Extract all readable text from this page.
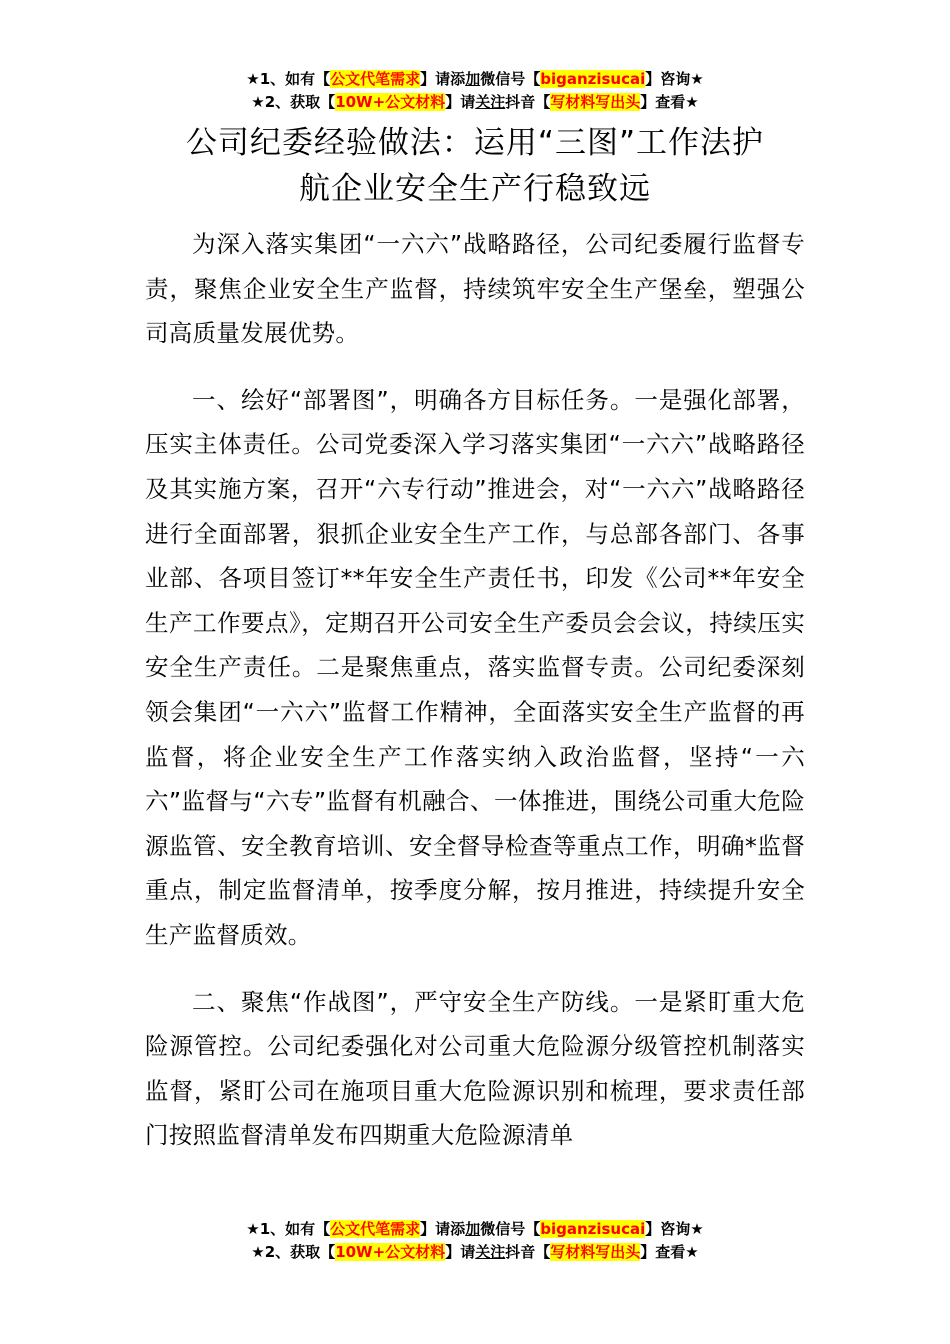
★1、如有【公文代笔需求】请添加微信号【biganzisucai】咨询★
★2、获取【10W+公文材料】请关注抖音【写材料写出头】查看★
公司纪委经验做法：运用“三图”工作法护
航企业安全生产行稳致远

为深入落实集团“一六六”战略路径，公司纪委履行监督专责，聚焦企业安全生产监督，持续筑牢安全生产堡垒，塑强公司高质量发展优势。

一、绘好“部署图”，明确各方目标任务。一是强化部署，压实主体责任。公司党委深入学习落实集团“一六六”战略路径及其实施方案，召开“六专行动”推进会，对“一六六”战略路径进行全面部署，狠抓企业安全生产工作，与总部各部门、各事业部、各项目签订**年安全生产责任书，印发《公司**年安全生产工作要点》，定期召开公司安全生产委员会会议，持续压实安全生产责任。二是聚焦重点，落实监督专责。公司纪委深刻领会集团“一六六”监督工作精神，全面落实安全生产监督的再监督，将企业安全生产工作落实纳入政治监督，坚持“一六六”监督与“六专”监督有机融合、一体推进，围绕公司重大危险源监管、安全教育培训、安全督导检查等重点工作，明确*监督重点，制定监督清单，按季度分解，按月推进，持续提升安全生产监督质效。

二、聚焦“作战图”，严守安全生产防线。一是紧盯重大危险源管控。公司纪委强化对公司重大危险源分级管控机制落实监督，紧盯公司在施项目重大危险源识别和梳理，要求责任部门按照监督清单发布四期重大危险源清单

★1、如有【公文代笔需求】请添加微信号【biganzisucai】咨询★
★2、获取【10W+公文材料】请关注抖音【写材料写出头】查看★
